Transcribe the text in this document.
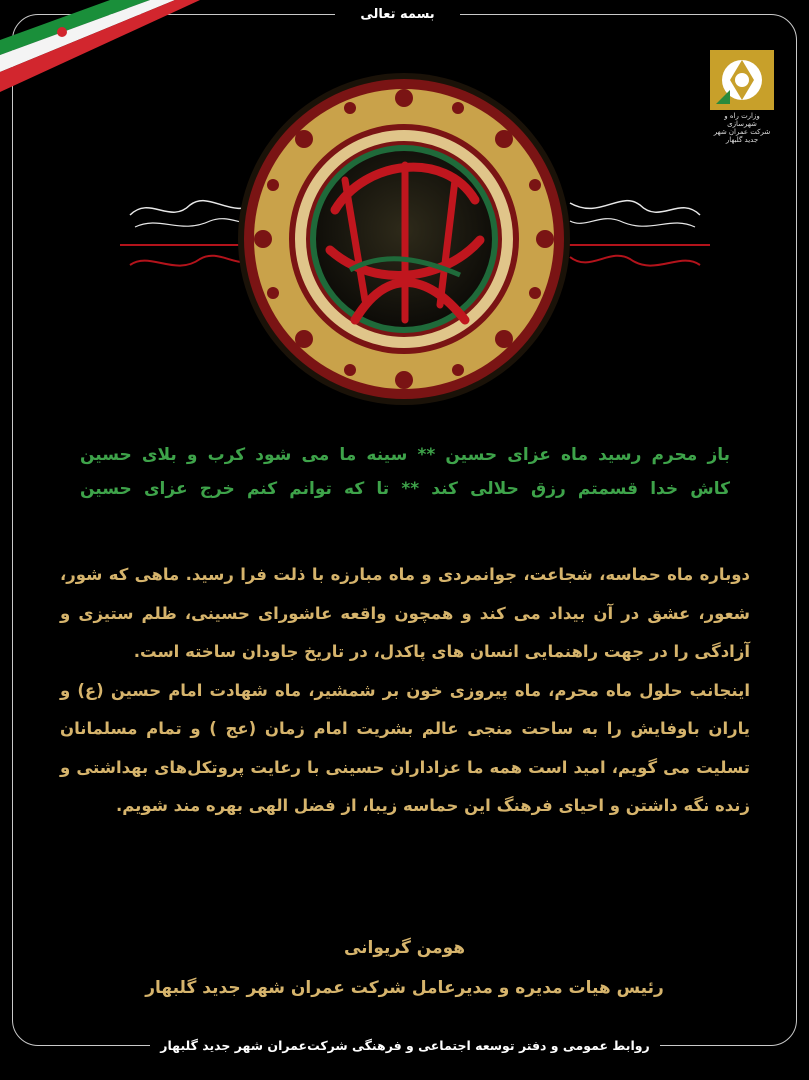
بسمه تعالی
وزارت راه و شهرسازی
شرکت عمران شهر جدید گلبهار
امیر حسین و نعم الامیر

باز محرم رسید ماه عزای حسین ** سینه ما می شود کرب و بلای حسین

کاش خدا قسمتم رزق حلالی کند ** تا که توانم کنم خرج عزای حسین

دوباره ماه حماسه، شجاعت، جوانمردی و ماه مبارزه با ذلت فرا رسید. ماهی که شور، شعور، عشق در آن بیداد می کند و همچون واقعه عاشورای حسینی، ظلم ستیزی و آزادگی را در جهت راهنمایی انسان های پاکدل، در تاریخ جاودان ساخته است.

اینجانب حلول ماه محرم، ماه پیروزی خون بر شمشیر، ماه شهادت امام حسین (ع) و یاران باوفایش را به ساحت منجی عالم بشریت امام زمان (عج ) و تمام مسلمانان تسلیت می گویم، امید است همه ما عزاداران حسینی با رعایت پروتکل‌های بهداشتی و زنده نگه داشتن و احیای فرهنگ این حماسه زیبا، از فضل الهی بهره مند شویم.

هومن گریوانی

رئیس هیات مدیره و مدیرعامل شرکت عمران شهر جدید گلبهار

روابط عمومی و دفتر توسعه اجتماعی و فرهنگی شرکت‌عمران شهر جدید گلبهار
